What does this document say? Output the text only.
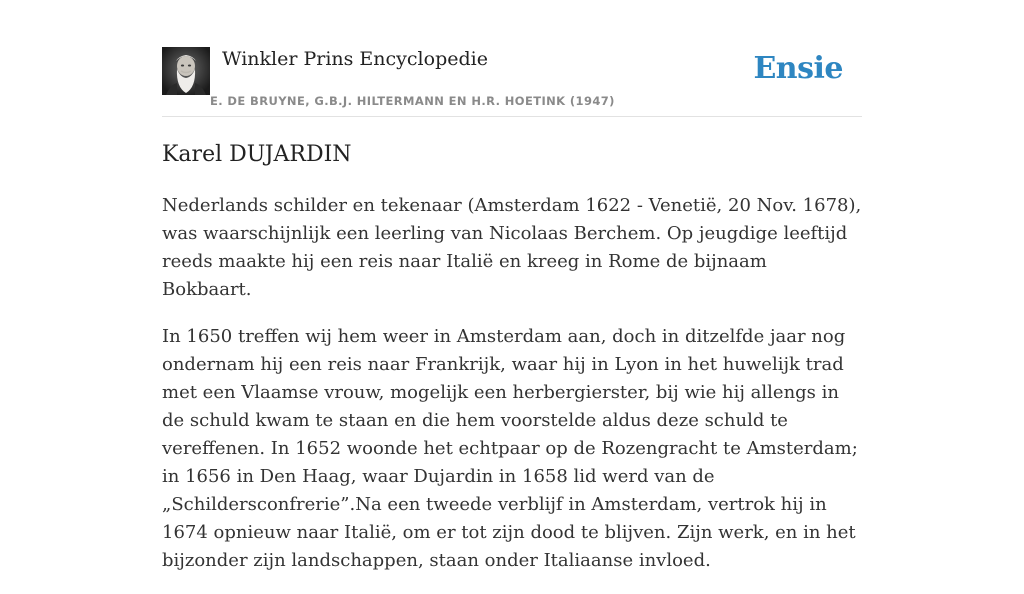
Winkler Prins Encyclopedie
E. DE BRUYNE, G.B.J. HILTERMANN EN H.R. HOETINK (1947)
Ensie
Karel DUJARDIN

Nederlands schilder en tekenaar (Amsterdam 1622 - Venetië, 20 Nov. 1678), was waarschijnlijk een leerling van Nicolaas Berchem. Op jeugdige leeftijd reeds maakte hij een reis naar Italië en kreeg in Rome de bijnaam Bokbaart.

In 1650 treffen wij hem weer in Amsterdam aan, doch in ditzelfde jaar nog ondernam hij een reis naar Frankrijk, waar hij in Lyon in het huwelijk trad met een Vlaamse vrouw, mogelijk een herbergierster, bij wie hij allengs in de schuld kwam te staan en die hem voorstelde aldus deze schuld te vereffenen. In 1652 woonde het echtpaar op de Rozengracht te Amsterdam; in 1656 in Den Haag, waar Dujardin in 1658 lid werd van de „Schildersconfrerie”.Na een tweede verblijf in Amsterdam, vertrok hij in 1674 opnieuw naar Italië, om er tot zijn dood te blijven. Zijn werk, en in het bijzonder zijn landschappen, staan onder Italiaanse invloed.
